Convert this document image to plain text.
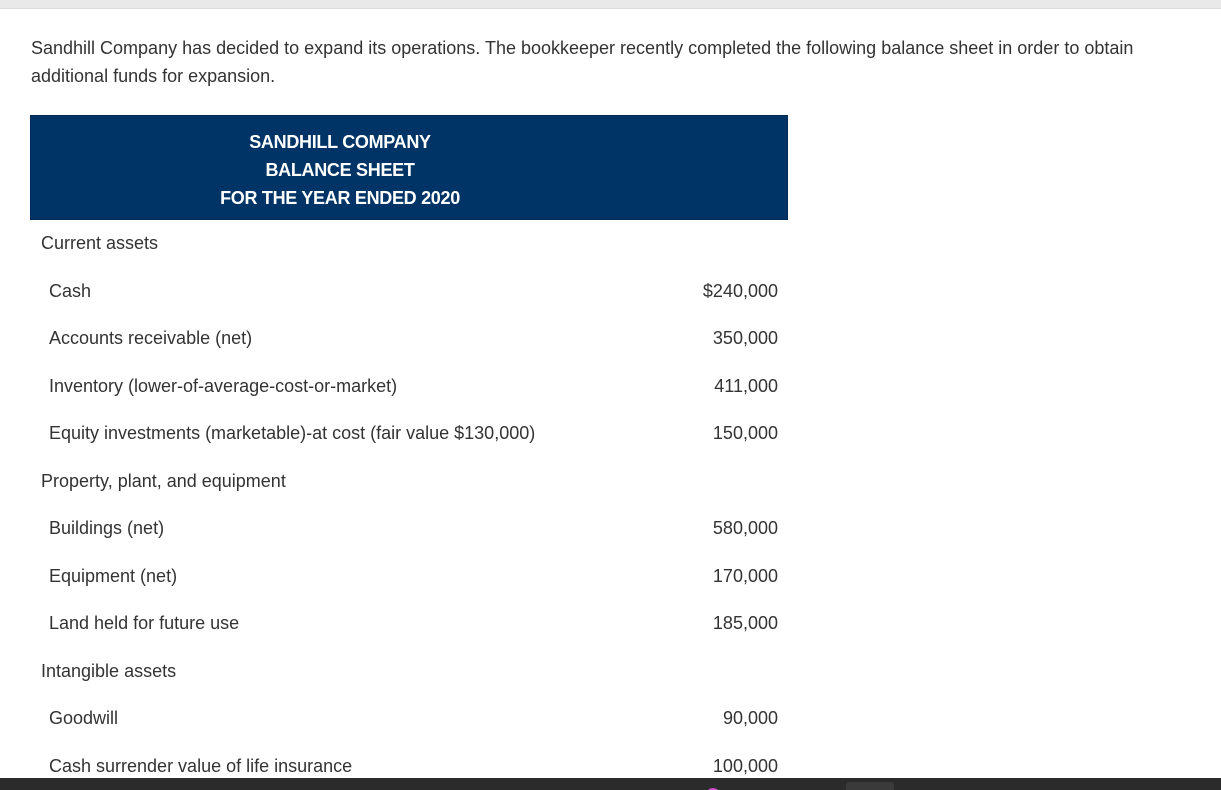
Sandhill Company has decided to expand its operations. The bookkeeper recently completed the following balance sheet in order to obtain additional funds for expansion.

SANDHILL COMPANY
BALANCE SHEET
FOR THE YEAR ENDED 2020
Current assets
Cash	$240,000
Accounts receivable (net)	350,000
Inventory (lower-of-average-cost-or-market)	411,000
Equity investments (marketable)-at cost (fair value $130,000)	150,000
Property, plant, and equipment
Buildings (net)	580,000
Equipment (net)	170,000
Land held for future use	185,000
Intangible assets
Goodwill	90,000
Cash surrender value of life insurance	100,000
